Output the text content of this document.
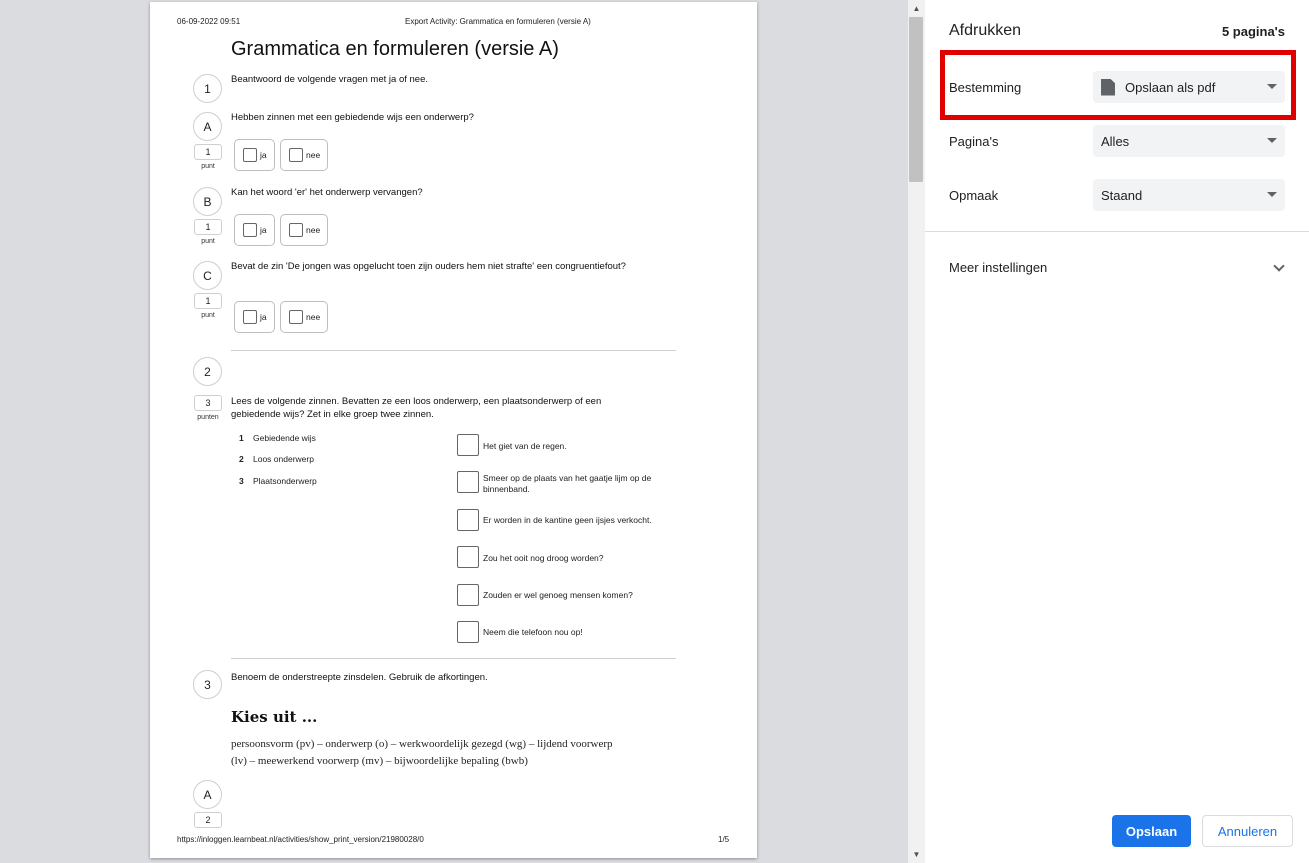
06-09-2022 09:51	Export Activity: Grammatica en formuleren (versie A)
Grammatica en formuleren (versie A)
1
Beantwoord de volgende vragen met ja of nee.
A
1
punt
Hebben zinnen met een gebiedende wijs een onderwerp?
ja	nee
B
1
punt
Kan het woord 'er' het onderwerp vervangen?
ja	nee
C
1
punt
Bevat de zin 'De jongen was opgelucht toen zijn ouders hem niet strafte' een congruentiefout?
ja	nee
2
3
punten
Lees de volgende zinnen. Bevatten ze een loos onderwerp, een plaatsonderwerp of een gebiedende wijs? Zet in elke groep twee zinnen.
1 Gebiedende wijs
2 Loos onderwerp
3 Plaatsonderwerp
Het giet van de regen.
Smeer op de plaats van het gaatje lijm op de binnenband.
Er worden in de kantine geen ijsjes verkocht.
Zou het ooit nog droog worden?
Zouden er wel genoeg mensen komen?
Neem die telefoon nou op!
3	Benoem de onderstreepte zinsdelen. Gebruik de afkortingen.
Kies uit ...
persoonsvorm (pv) – onderwerp (o) – werkwoordelijk gezegd (wg) – lijdend voorwerp
(lv) – meewerkend voorwerp (mv) – bijwoordelijke bepaling (bwb)
A
2
https://inloggen.learnbeat.nl/activities/show_print_version/21980028/0	1/5
▲
▼
Afdrukken	5 pagina's
Bestemming	Opslaan als pdf
Pagina's	Alles
Opmaak	Staand
Meer instellingen
Opslaan	Annuleren
